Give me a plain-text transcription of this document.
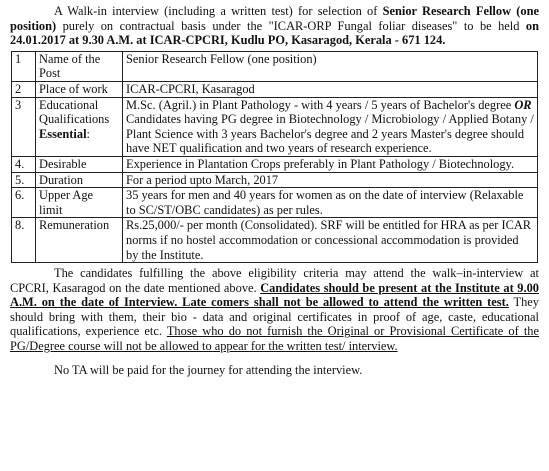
A Walk-in interview (including a written test) for selection of Senior Research Fellow (one position) purely on contractual basis under the "ICAR-ORP Fungal foliar diseases" to be held on 24.01.2017 at 9.30 A.M. at ICAR-CPCRI, Kudlu PO, Kasaragod, Kerala - 671 124.

1	Name of the Post	Senior Research Fellow (one position)
2	Place of work	ICAR-CPCRI, Kasaragod
3	Educational Qualifications Essential:	M.Sc. (Agril.) in Plant Pathology - with 4 years / 5 years of Bachelor's degree OR Candidates having PG degree in Biotechnology / Microbiology / Applied Botany / Plant Science with 3 years Bachelor's degree and 2 years Master's degree should have NET qualification and two years of research experience.
4.	Desirable	Experience in Plantation Crops preferably in Plant Pathology / Biotechnology.
5.	Duration	For a period upto March, 2017
6.	Upper Age limit	35 years for men and 40 years for women as on the date of interview (Relaxable to SC/ST/OBC candidates) as per rules.
8.	Remuneration	Rs.25,000/- per month (Consolidated). SRF will be entitled for HRA as per ICAR norms if no hostel accommodation or concessional accommodation is provided by the Institute.

The candidates fulfilling the above eligibility criteria may attend the walk–in-interview at CPCRI, Kasaragod on the date mentioned above. Candidates should be present at the Institute at 9.00 A.M. on the date of Interview. Late comers shall not be allowed to attend the written test. They should bring with them, their bio - data and original certificates in proof of age, caste, educational qualifications, experience etc. Those who do not furnish the Original or Provisional Certificate of the PG/Degree course will not be allowed to appear for the written test/ interview.

No TA will be paid for the journey for attending the interview.
